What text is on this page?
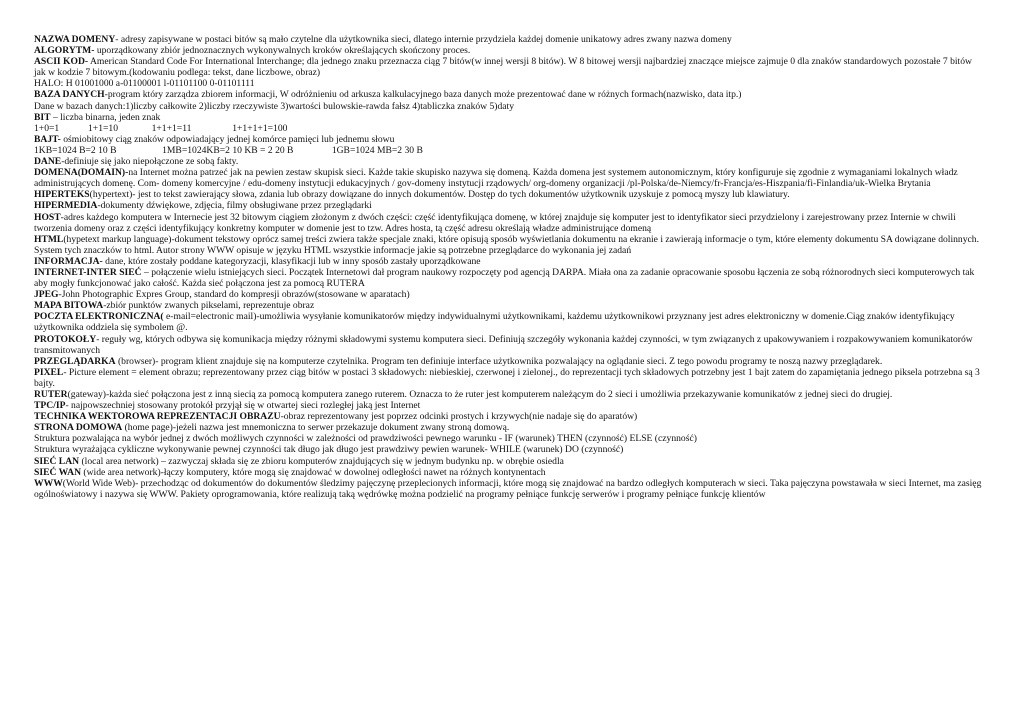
NAZWA DOMENY- adresy zapisywane w postaci bitów są mało czytelne dla użytkownika sieci, dlatego internie przydziela każdej domenie unikatowy adres zwany nazwa domeny

ALGORYTM- uporządkowany zbiór jednoznacznych wykonywalnych kroków określających skończony proces.

ASCII KOD- American Standard Code For International Interchange; dla jednego znaku przeznacza ciąg 7 bitów(w innej wersji 8 bitów). W 8 bitowej wersji najbardziej znaczące miejsce zajmuje 0 dla znaków standardowych pozostałe 7 bitów jak w kodzie 7 bitowym.(kodowaniu podlega: tekst, dane liczbowe, obraz)

HALO: H 01001000 a-01100001 l-01101100 0-01101111

BAZA DANYCH-program który zarządza zbiorem informacji, W odróżnieniu od arkusza kalkulacyjnego baza danych może prezentować dane w różnych formach(nazwisko, data itp.)

Dane w bazach danych:1)liczby całkowite 2)liczby rzeczywiste 3)wartości bulowskie-rawda fałsz 4)tabliczka znaków 5)daty

BIT – liczba binarna, jeden znak

1+0=1            1+1=10              1+1+1=11                 1+1+1+1=100

BAJT- ośmiobitowy ciąg znaków odpowiadający jednej komórce pamięci lub jednemu słowu

1KB=1024 B=2 10 B                   1MB=1024KB=2 10 KB = 2 20 B                1GB=1024 MB=2 30 B

DANE-definiuje się jako niepołączone ze sobą fakty.

DOMENA(DOMAIN)-na Internet można patrzeć jak na pewien zestaw skupisk sieci. Każde takie skupisko nazywa się domeną. Każda domena jest systemem autonomicznym, który konfiguruje się zgodnie z wymaganiami lokalnych władz administrujących domenę. Com- domeny komercyjne / edu-domeny instytucji edukacyjnych / gov-domeny instytucji rządowych/ org-domeny organizacji /pl-Polska/de-Niemcy/fr-Francja/es-Hiszpania/fi-Finlandia/uk-Wielka Brytania

HIPERTEKS(hypertext)- jest to tekst zawierający słowa, zdania lub obrazy dowiązane do innych dokumentów. Dostęp do tych dokumentów użytkownik uzyskuje z pomocą myszy lub klawiatury.

HIPERMEDIA-dokumenty dźwiękowe, zdjęcia, filmy obsługiwane przez przeglądarki

HOST-adres każdego komputera w Internecie jest 32 bitowym ciągiem złożonym z dwóch części: część identyfikująca domenę, w której znajduje się komputer jest to identyfikator sieci przydzielony i zarejestrowany przez Internie w chwili tworzenia domeny oraz z części identyfikujący konkretny komputer w domenie jest to tzw. Adres hosta, tą część adresu określają władze administrujące domeną

HTML(hypetext markup language)-dokument tekstowy oprócz samej treści zwiera także specjale znaki, które opisują sposób wyświetlania dokumentu na ekranie i zawierają informacje o tym, które elementy dokumentu SA dowiązane dolinnych. System tych znaczków to html. Autor strony WWW opisuje w języku HTML wszystkie informacje jakie są potrzebne przeglądarce do wykonania jej zadań

INFORMACJA- dane, które zostały poddane kategoryzacji, klasyfikacji lub w inny sposób zastały uporządkowane

INTERNET-INTER SIEĆ – połączenie wielu istniejących sieci. Początek Internetowi dał program naukowy rozpoczęty pod agencją DARPA. Miała ona za zadanie opracowanie sposobu łączenia ze sobą różnorodnych sieci komputerowych tak aby mogły funkcjonować jako całość. Każda sieć połączona jest za pomocą RUTERA

JPEG-John Photographic Expres Group, standard do kompresji obrazów(stosowane w aparatach)

MAPA BITOWA-zbiór punktów zwanych pikselami, reprezentuje obraz

POCZTA ELEKTRONICZNA( e-mail=electronic mail)-umożliwia wysyłanie komunikatorów między indywidualnymi użytkownikami, każdemu użytkownikowi przyznany jest adres elektroniczny w domenie.Ciąg znaków identyfikujący użytkownika oddziela się symbolem @.

PROTOKOŁY- reguły wg, których odbywa się komunikacja między różnymi składowymi systemu komputera sieci. Definiują szczegóły wykonania każdej czynności, w tym związanych z upakowywaniem i rozpakowywaniem komunikatorów transmitowanych

PRZEGLĄDARKA (browser)- program klient znajduje się na komputerze czytelnika. Program ten definiuje interface użytkownika pozwalający na oglądanie sieci. Z tego powodu programy te noszą nazwy przeglądarek.

PIXEL- Picture element = element obrazu; reprezentowany przez ciąg bitów w postaci 3 składowych: niebieskiej, czerwonej i zielonej., do reprezentacji tych składowych potrzebny jest 1 bajt zatem do zapamiętania jednego piksela potrzebna są 3 bajty.

RUTER(gateway)-każda sieć połączona jest z inną siecią za pomocą komputera zanego ruterem. Oznacza to że ruter jest komputerem należącym do 2 sieci i umożliwia przekazywanie komunikatów z jednej sieci do drugiej.

TPC/IP- najpowszechniej stosowany protokół przyjął się w otwartej sieci rozległej jaką jest Internet

TECHNIKA WEKTOROWA REPREZENTACJI OBRAZU-obraz reprezentowany jest poprzez odcinki prostych i krzywych(nie nadaje się do aparatów)

STRONA DOMOWA (home page)-jeżeli nazwa jest mnemoniczna to serwer przekazuje dokument zwany stroną domową.

Struktura pozwalająca na wybór jednej z dwóch możliwych czynności w zależności od prawdziwości pewnego warunku - IF (warunek) THEN (czynność) ELSE (czynność)

Struktura wyrażająca cykliczne wykonywanie pewnej czynności tak długo jak długo jest prawdziwy pewien warunek- WHILE (warunek) DO (czynność)

SIEĆ LAN (local area network) – zazwyczaj składa się ze zbioru komputerów znajdujących się w jednym budynku np. w obrębie osiedla

SIEĆ WAN (wide area network)-łączy komputery, które mogą się znajdować w dowolnej odległości nawet na różnych kontynentach

WWW(World Wide Web)- przechodząc od dokumentów do dokumentów śledzimy pajęczynę przeplecionych informacji, które mogą się znajdować na bardzo odległych komputerach w sieci. Taka pajęczyna powstawała w sieci Internet, ma zasięg ogólnoświatowy i nazywa się WWW. Pakiety oprogramowania, które realizują taką wędrówkę można podzielić na programy pełniące funkcję serwerów i programy pełniące funkcję klientów
